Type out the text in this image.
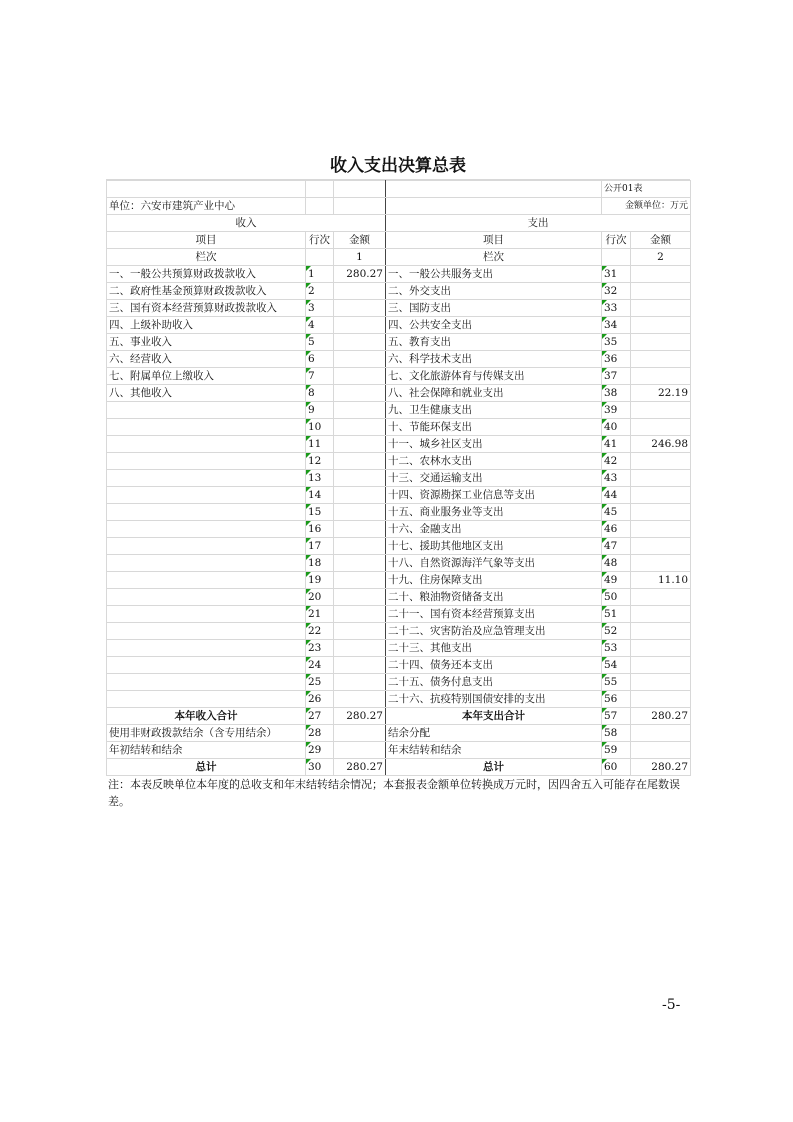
收入支出决算总表
				公开01表	
单位：六安市建筑产业中心				金额单位：万元	
收入			支出		
项目	行次	金额	项目	行次	金额
栏次		1	栏次		2
一、一般公共预算财政拨款收入	1	280.27	一、一般公共服务支出	31	
二、政府性基金预算财政拨款收入	2		二、外交支出	32	
三、国有资本经营预算财政拨款收入	3		三、国防支出	33	
四、上级补助收入	4		四、公共安全支出	34	
五、事业收入	5		五、教育支出	35	
六、经营收入	6		六、科学技术支出	36	
七、附属单位上缴收入	7		七、文化旅游体育与传媒支出	37	
八、其他收入	8		八、社会保障和就业支出	38	22.19
	9		九、卫生健康支出	39	
	10		十、节能环保支出	40	
	11		十一、城乡社区支出	41	246.98
	12		十二、农林水支出	42	
	13		十三、交通运输支出	43	
	14		十四、资源勘探工业信息等支出	44	
	15		十五、商业服务业等支出	45	
	16		十六、金融支出	46	
	17		十七、援助其他地区支出	47	
	18		十八、自然资源海洋气象等支出	48	
	19		十九、住房保障支出	49	11.10
	20		二十、粮油物资储备支出	50	
	21		二十一、国有资本经营预算支出	51	
	22		二十二、灾害防治及应急管理支出	52	
	23		二十三、其他支出	53	
	24		二十四、债务还本支出	54	
	25		二十五、债务付息支出	55	
	26		二十六、抗疫特别国债安排的支出	56	
本年收入合计	27	280.27	本年支出合计	57	280.27
使用非财政拨款结余（含专用结余）	28		结余分配	58	
年初结转和结余	29		年末结转和结余	59	
总计	30	280.27	总计	60	280.27
注：本表反映单位本年度的总收支和年末结转结余情况；本套报表金额单位转换成万元时，因四舍五入可能存在尾数误差。
-5-
